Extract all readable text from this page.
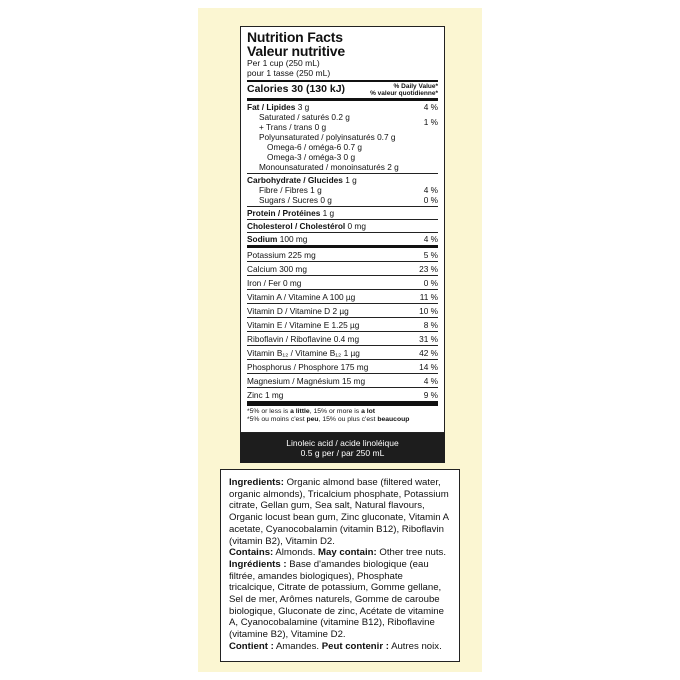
Nutrition Facts
Valeur nutritive
Per 1 cup (250 mL)
pour 1 tasse (250 mL)
Calories 30 (130 kJ)	% Daily Value*
% valeur quotidienne*
Fat / Lipides 3 g	4 %
Saturated / saturés 0.2 g
+ Trans / trans 0 g	1 %
Polyunsaturated / polyinsaturés 0.7 g
Omega-6 / oméga-6 0.7 g
Omega-3 / oméga-3 0 g
Monounsaturated / monoinsaturés 2 g
Carbohydrate / Glucides 1 g
Fibre / Fibres 1 g	4 %
Sugars / Sucres 0 g	0 %
Protein / Protéines 1 g
Cholesterol / Cholestérol 0 mg
Sodium 100 mg	4 %
Potassium 225 mg	5 %
Calcium 300 mg	23 %
Iron / Fer 0 mg	0 %
Vitamin A / Vitamine A 100 µg	11 %
Vitamin D / Vitamine D 2 µg	10 %
Vitamin E / Vitamine E 1.25 µg	8 %
Riboflavin / Riboflavine 0.4 mg	31 %
Vitamin B₁₂ / Vitamine B₁₂ 1 µg	42 %
Phosphorus / Phosphore 175 mg	14 %
Magnesium / Magnésium 15 mg	4 %
Zinc 1 mg	9 %
*5% or less is a little, 15% or more is a lot
*5% ou moins c'est peu, 15% ou plus c'est beaucoup
Linoleic acid / acide linoléique
0.5 g per / par 250 mL

Ingredients: Organic almond base (filtered water, organic almonds), Tricalcium phosphate, Potassium citrate, Gellan gum, Sea salt, Natural flavours, Organic locust bean gum, Zinc gluconate, Vitamin A acetate, Cyanocobalamin (vitamin B12), Riboflavin (vitamin B2), Vitamin D2.

Contains: Almonds. May contain: Other tree nuts.

Ingrédients : Base d'amandes biologique (eau filtrée, amandes biologiques), Phosphate tricalcique, Citrate de potassium, Gomme gellane, Sel de mer, Arômes naturels, Gomme de caroube biologique, Gluconate de zinc, Acétate de vitamine A, Cyanocobalamine (vitamine B12), Riboflavine (vitamine B2), Vitamine D2.

Contient : Amandes. Peut contenir : Autres noix.
